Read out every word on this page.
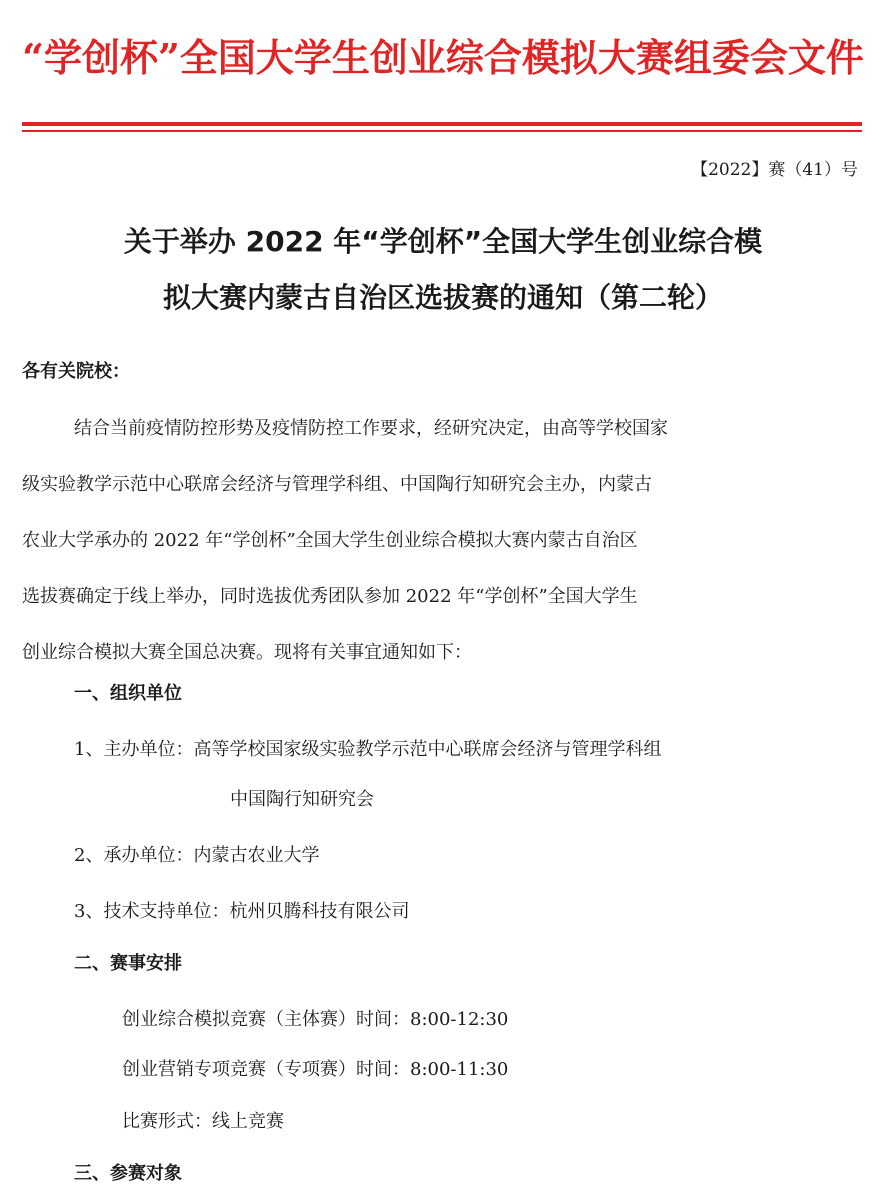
“学创杯”全国大学生创业综合模拟大赛组委会文件
【2022】赛（41）号
关于举办 2022 年“学创杯”全国大学生创业综合模
拟大赛内蒙古自治区选拔赛的通知（第二轮）
各有关院校：
结合当前疫情防控形势及疫情防控工作要求，经研究决定，由高等学校国家
级实验教学示范中心联席会经济与管理学科组、中国陶行知研究会主办，内蒙古
农业大学承办的 2022 年“学创杯”全国大学生创业综合模拟大赛内蒙古自治区
选拔赛确定于线上举办，同时选拔优秀团队参加 2022 年“学创杯”全国大学生
创业综合模拟大赛全国总决赛。现将有关事宜通知如下：
一、组织单位
1、主办单位：高等学校国家级实验教学示范中心联席会经济与管理学科组
中国陶行知研究会
2、承办单位：内蒙古农业大学
3、技术支持单位：杭州贝腾科技有限公司
二、赛事安排
创业综合模拟竞赛（主体赛）时间：8:00-12:30
创业营销专项竞赛（专项赛）时间：8:00-11:30
比赛形式：线上竞赛
三、参赛对象
